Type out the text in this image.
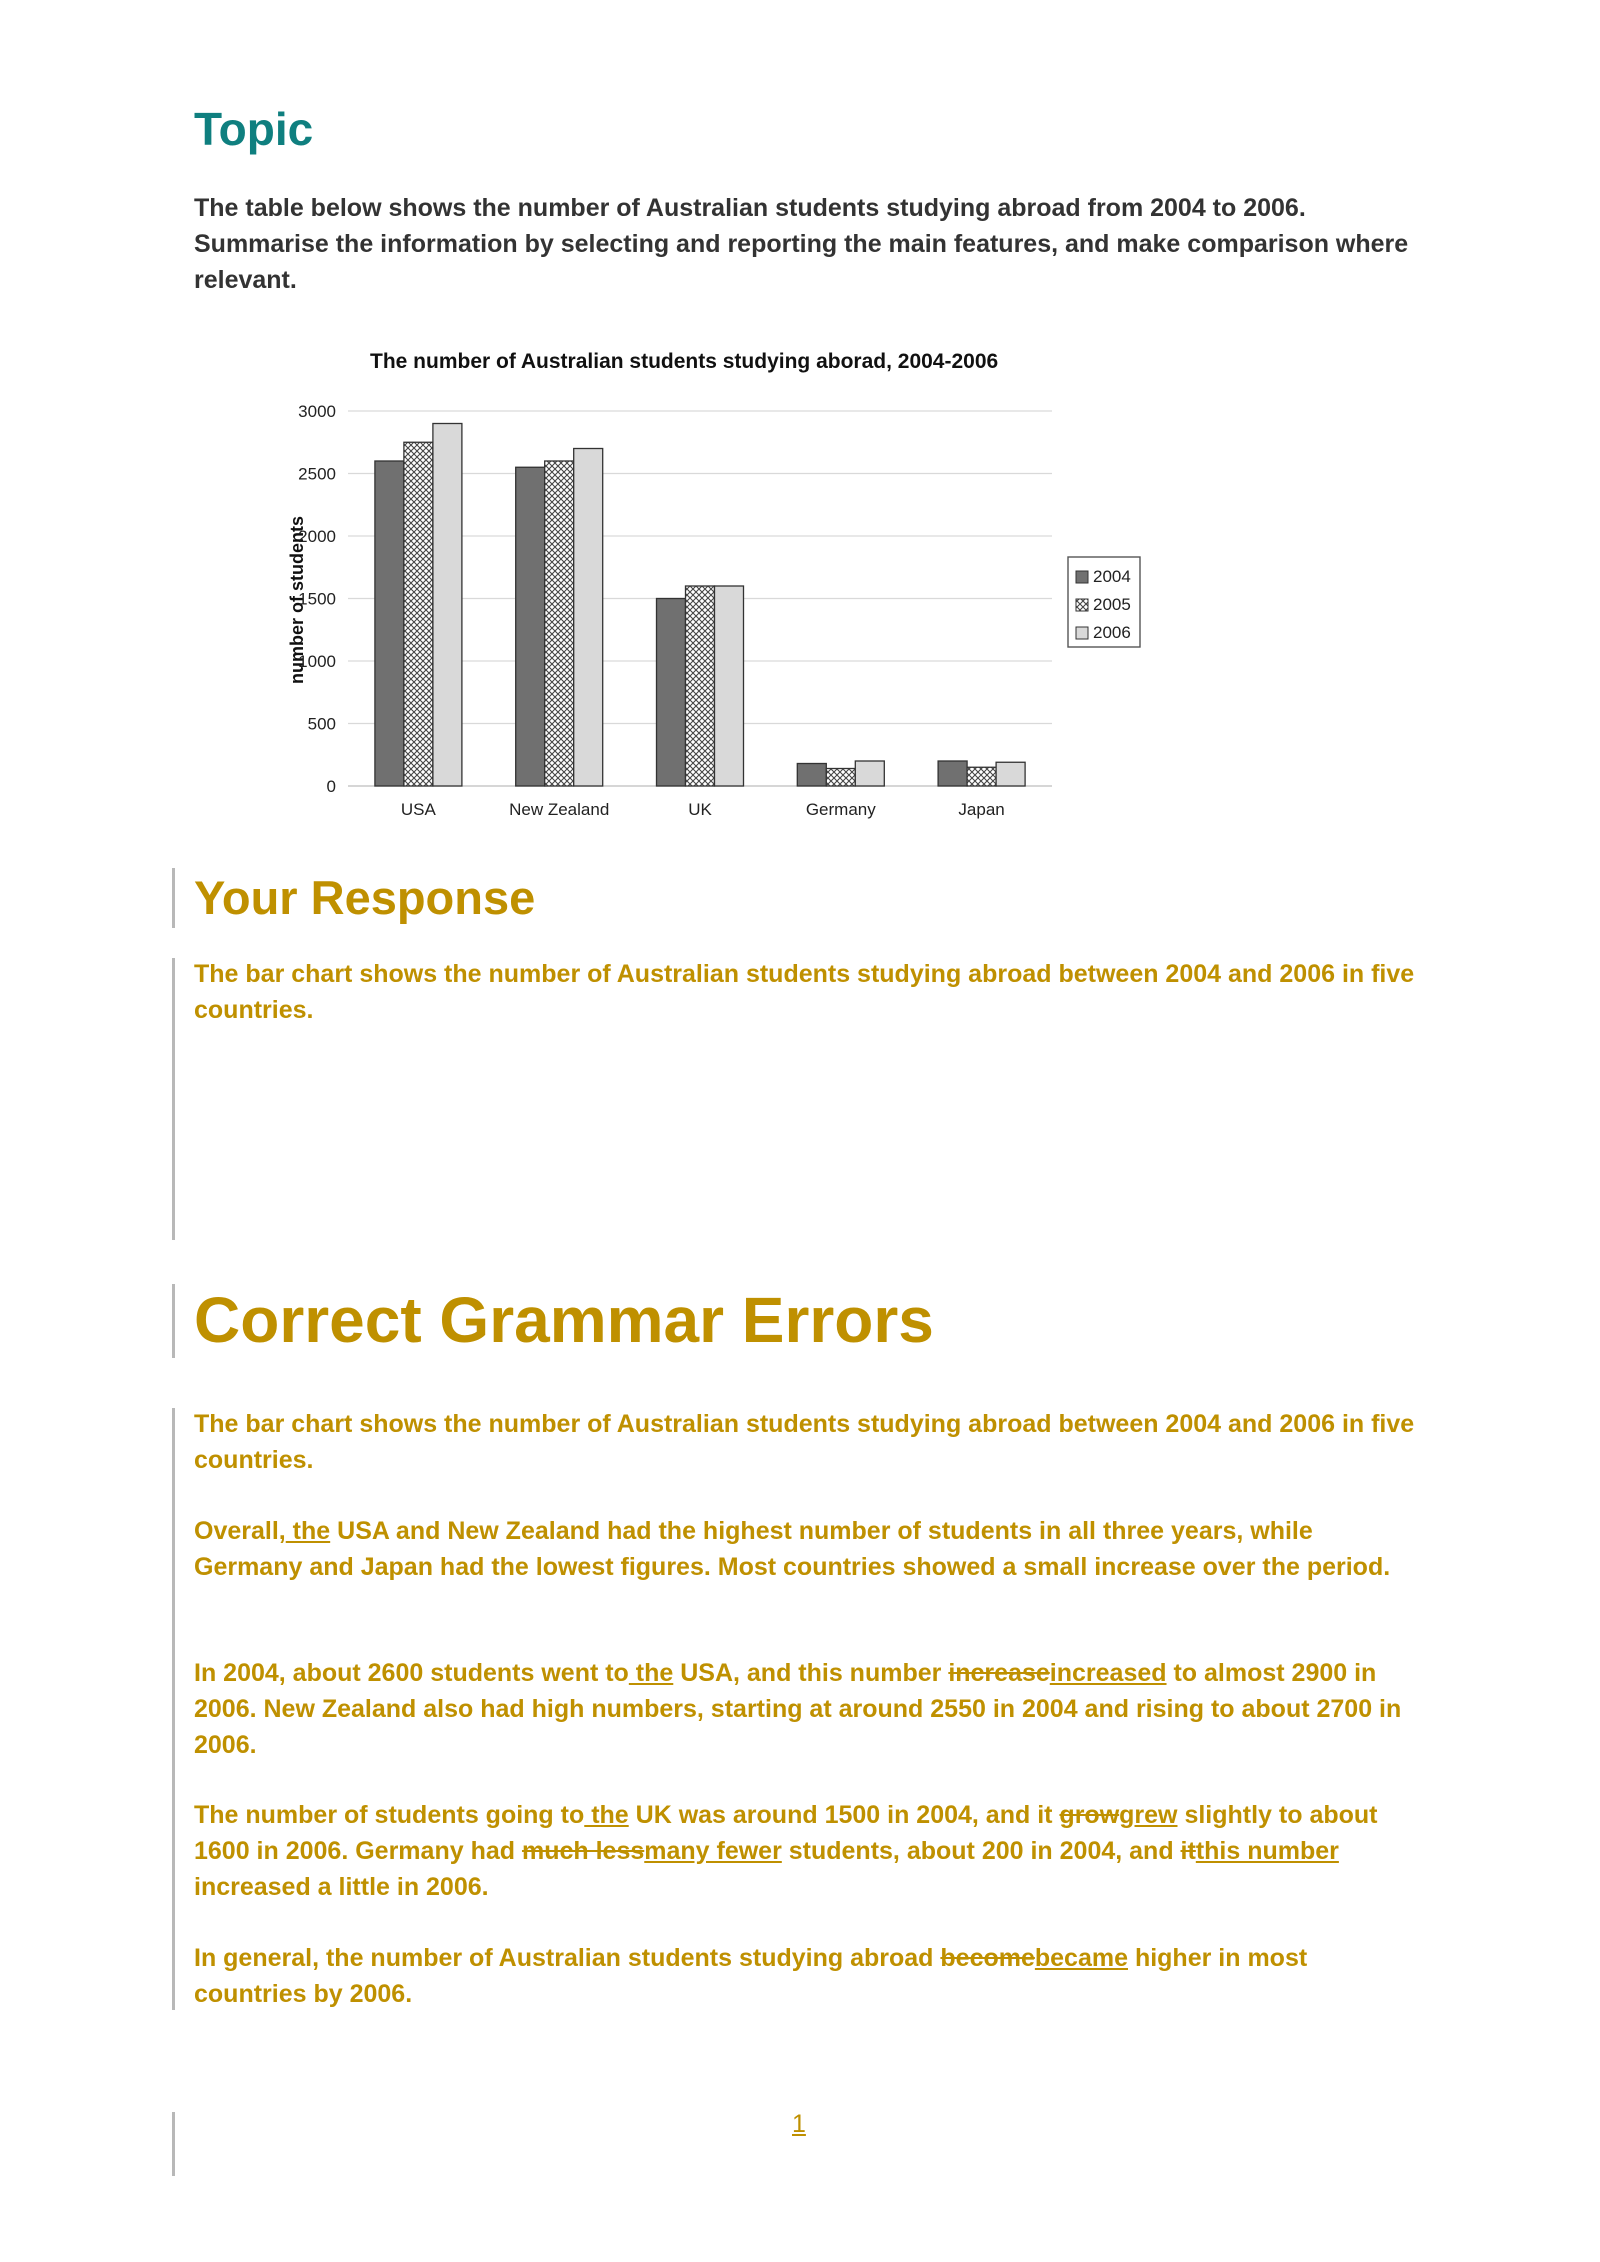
Topic

The table below shows the number of Australian students studying abroad from 2004 to 2006. Summarise the information by selecting and reporting the main features, and make comparison where relevant.

The number of Australian students studying aborad, 2004-2006
number of students
0
500
1000
1500
2000
2500
3000
USA	New Zealand	UK	Germany	Japan
2004
2005
2006
Your Response

The bar chart shows the number of Australian students studying abroad between 2004 and 2006 in five countries.

Correct Grammar Errors

The bar chart shows the number of Australian students studying abroad between 2004 and 2006 in five countries.

Overall, the USA and New Zealand had the highest number of students in all three years, while Germany and Japan had the lowest figures. Most countries showed a small increase over the period.

In 2004, about 2600 students went to the USA, and this number increaseincreased to almost 2900 in 2006. New Zealand also had high numbers, starting at around 2550 in 2004 and rising to about 2700 in 2006.

The number of students going to the UK was around 1500 in 2004, and it growgrew slightly to about 1600 in 2006. Germany had much lessmany fewer students, about 200 in 2004, and itthis number increased a little in 2006.

In general, the number of Australian students studying abroad becomebecame higher in most countries by 2006.

1
